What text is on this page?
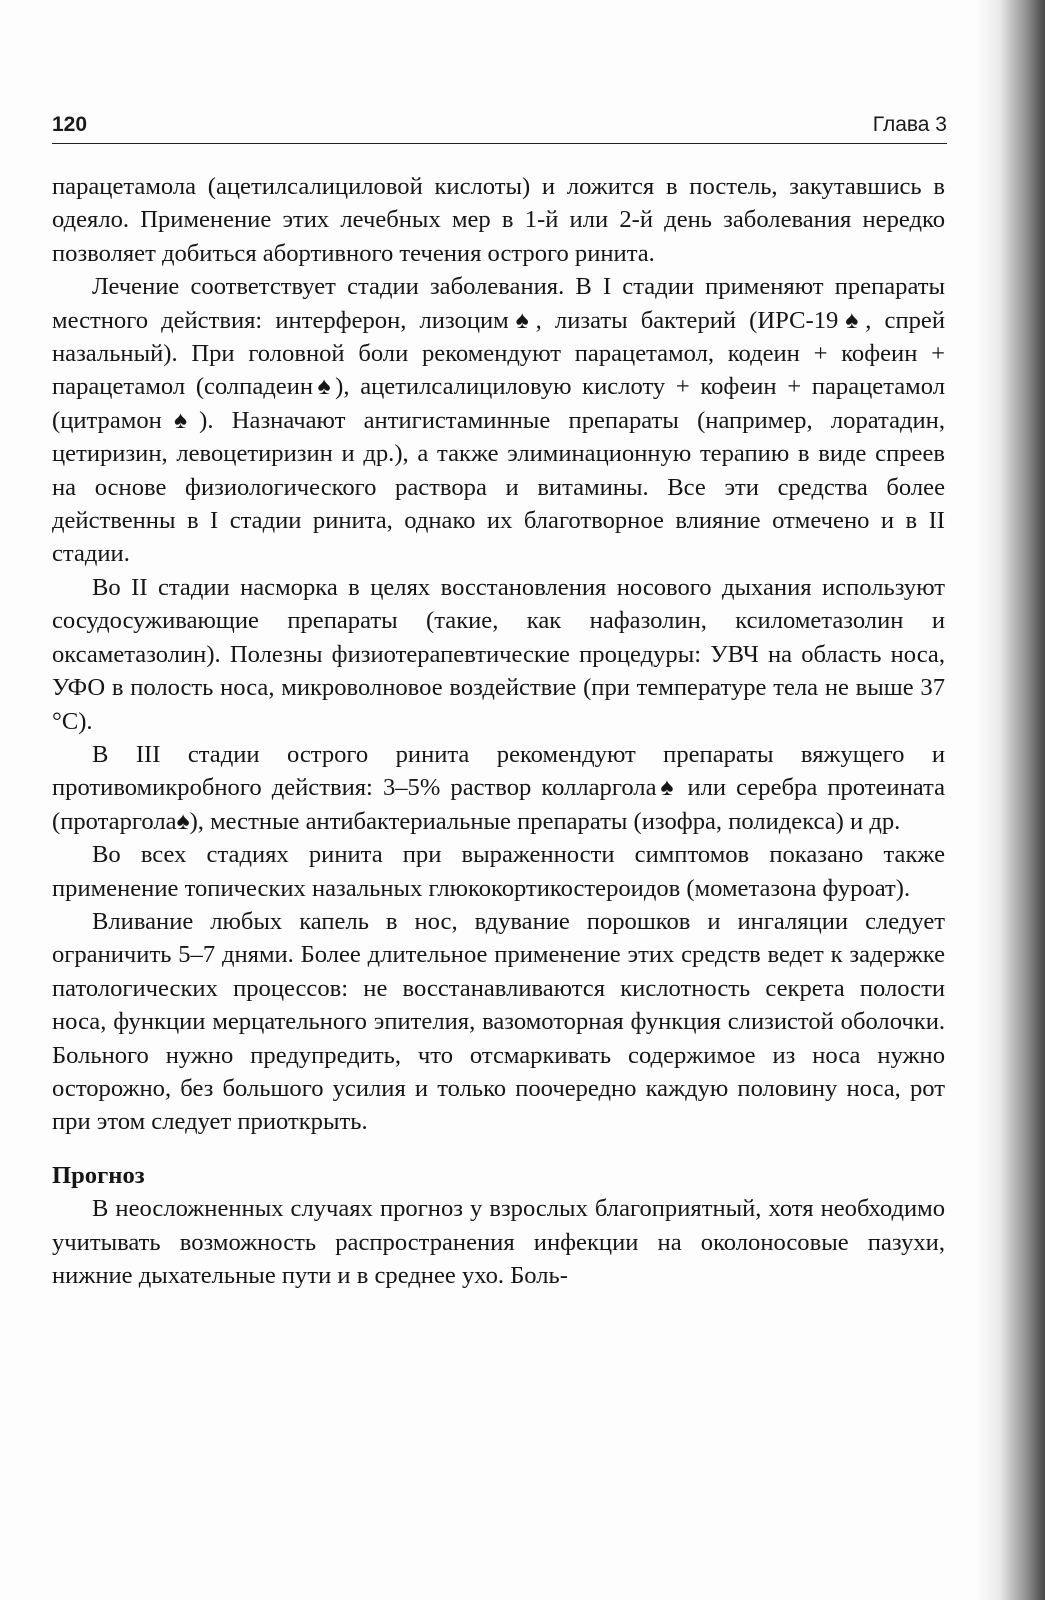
120	Глава 3

парацетамола (ацетилсалициловой кислоты) и ложится в постель, закутавшись в одеяло. Применение этих лечебных мер в 1-й или 2-й день заболевания нередко позволяет добиться абортивного течения острого ринита.

Лечение соответствует стадии заболевания. В I стадии применяют препараты местного действия: интерферон, лизоцим♠, лизаты бактерий (ИРС-19♠, спрей назальный). При головной боли рекомендуют парацетамол, кодеин + кофеин + парацетамол (солпадеин♠), ацетилсалициловую кислоту + кофеин + парацетамол (цитрамон♠). Назначают антигистаминные препараты (например, лоратадин, цетиризин, левоцетиризин и др.), а также элиминационную терапию в виде спреев на основе физиологического раствора и витамины. Все эти средства более действенны в I стадии ринита, однако их благотворное влияние отмечено и в II стадии.

Во II стадии насморка в целях восстановления носового дыхания используют сосудосуживающие препараты (такие, как нафазолин, ксилометазолин и оксаметазолин). Полезны физиотерапевтические процедуры: УВЧ на область носа, УФО в полость носа, микроволновое воздействие (при температуре тела не выше 37 °С).

В III стадии острого ринита рекомендуют препараты вяжущего и противомикробного действия: 3–5% раствор колларгола♠ или серебра протеината (протаргола♠), местные антибактериальные препараты (изофра, полидекса) и др.

Во всех стадиях ринита при выраженности симптомов показано также применение топических назальных глюкокортикостероидов (мометазона фуроат).

Вливание любых капель в нос, вдувание порошков и ингаляции следует ограничить 5–7 днями. Более длительное применение этих средств ведет к задержке патологических процессов: не восстанавливаются кислотность секрета полости носа, функции мерцательного эпителия, вазомоторная функция слизистой оболочки. Больного нужно предупредить, что отсмаркивать содержимое из носа нужно осторожно, без большого усилия и только поочередно каждую половину носа, рот при этом следует приоткрыть.

Прогноз

В неосложненных случаях прогноз у взрослых благоприятный, хотя необходимо учитывать возможность распространения инфекции на околоносовые пазухи, нижние дыхательные пути и в среднее ухо. Боль-
